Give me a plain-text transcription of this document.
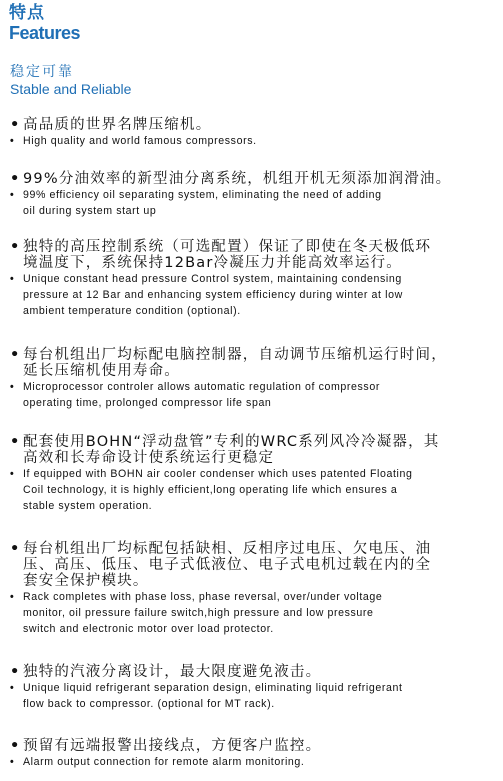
特点
Features
稳定可靠
Stable and Reliable
• 高品质的世界名牌压缩机。
• High quality and world famous compressors.
• 99%分油效率的新型油分离系统，机组开机无须添加润滑油。
• 99% efficiency oil separating system, eliminating the need of adding
oil during system start up
• 独特的高压控制系统（可选配置）保证了即使在冬天极低环
境温度下，系统保持12Bar冷凝压力并能高效率运行。
• Unique constant head pressure Control system, maintaining condensing
pressure at 12 Bar and enhancing system efficiency during winter at low
ambient temperature condition (optional).
• 每台机组出厂均标配电脑控制器，自动调节压缩机运行时间，
延长压缩机使用寿命。
• Microprocessor controler allows automatic regulation of compressor
operating time, prolonged compressor life span
• 配套使用BOHN“浮动盘管”专利的WRC系列风冷冷凝器，其
高效和长寿命设计使系统运行更稳定
• If equipped with BOHN air cooler condenser which uses patented Floating
Coil technology, it is highly efficient,long operating life which ensures a
stable system operation.
• 每台机组出厂均标配包括缺相、反相序过电压、欠电压、油
压、高压、低压、电子式低液位、电子式电机过载在内的全
套安全保护模块。
• Rack completes with phase loss, phase reversal, over/under voltage
monitor, oil pressure failure switch,high pressure and low pressure
switch and electronic motor over load protector.
• 独特的汽液分离设计，最大限度避免液击。
• Unique liquid refrigerant separation design, eliminating liquid refrigerant
flow back to compressor. (optional for MT rack).
• 预留有远端报警出接线点，方便客户监控。
• Alarm output connection for remote alarm monitoring.
